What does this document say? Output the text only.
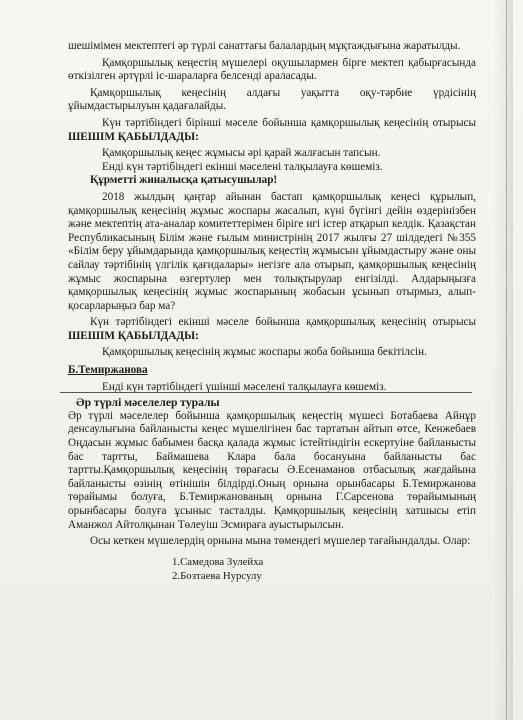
шешімімен мектептегі әр түрлі санаттағы балалардың мұқтаждығына жаратылды.

Қамқоршылық кеңестің мүшелері оқушылармен бірге мектеп қабырғасында өткізілген әртүрлі іс-шараларға белсенді араласады.

Қамқоршылық кеңесінің алдағы уақытта оқу-тәрбие үрдісінің ұйымдастырылуын қадағалайды.

Күн тәртібіндегі бірінші мәселе бойынша қамқоршылық кеңесінің отырысы ШЕШІМ ҚАБЫЛДАДЫ:

Қамқоршылық кеңес жұмысы әрі қарай жалғасын тапсын.

Енді күн тәртібіндегі екінші мәселені талқылауға көшеміз.

Құрметті жиналысқа қатысушылар!

2018 жылдың қаңтар айынан бастап қамқоршылық кеңесі құрылып, қамқоршылық кеңесінің жұмыс жоспары жасалып, күні бүгінгі дейін өздерінізбен және мектептің ата-аналар комитеттерімен біріге игі істер атқарып келдік. Қазақстан Республикасының Білім және ғылым министрінің 2017 жылғы 27 шілдедегі №355 «Білім беру ұйымдарында қамқоршылық кеңестің жұмысын ұйымдастыру және оны сайлау тәртібінің үлгілік қағидалары» негізге ала отырып, қамқоршылық кеңесінің жұмыс жоспарына өзгертулер мен толықтырулар енгізілді. Алдарыңызға қамқоршылық кеңесінің жұмыс жоспарының жобасын ұсынып отырмыз, алып-қосарларыңыз бар ма?

Күн тәртібіндегі екінші мәселе бойынша қамқоршылық кеңесінің отырысы ШЕШІМ ҚАБЫЛДАДЫ:

Қамқоршылық кеңесінің жұмыс жоспары жоба бойынша бекітілсін.

Б.Темиржанова

Енді күн тәртібіндегі үшінші мәселені талқылауға көшеміз.

Әр түрлі мәселелер туралы

Әр түрлі мәселелер бойынша қамқоршылық кеңестің мүшесі Ботабаева Айнұр денсаулығына байланысты кеңес мүшелігінен бас тартатын айтып өтсе, Кенжебаев Оңдасын жұмыс бабымен басқа қалада жұмыс істейтіндігін ескертуіне байланысты бас тартты, Баймашева Клара бала босануына байланысты бас тартты.Қамқоршылық кеңесінің төрағасы Ә.Есенаманов отбасылық жағдайына байланысты өзінің өтінішін білдірді.Оның орнына орынбасары Б.Темиржанова төрайымы болуға, Б.Темиржанованың орнына Г.Сарсенова төрайымының орынбасары болуға ұсыныс тасталды. Қамқоршылық кеңесінің хатшысы етіп Аманжол Айтолқынан Төлеуіш Эсмираға ауыстырылсын.

Осы кеткен мүшелердің орнына мына төмендегі мүшелер тағайындалды. Олар:

1.Самедова Зулейха
2.Бозтаева Нурсулу
